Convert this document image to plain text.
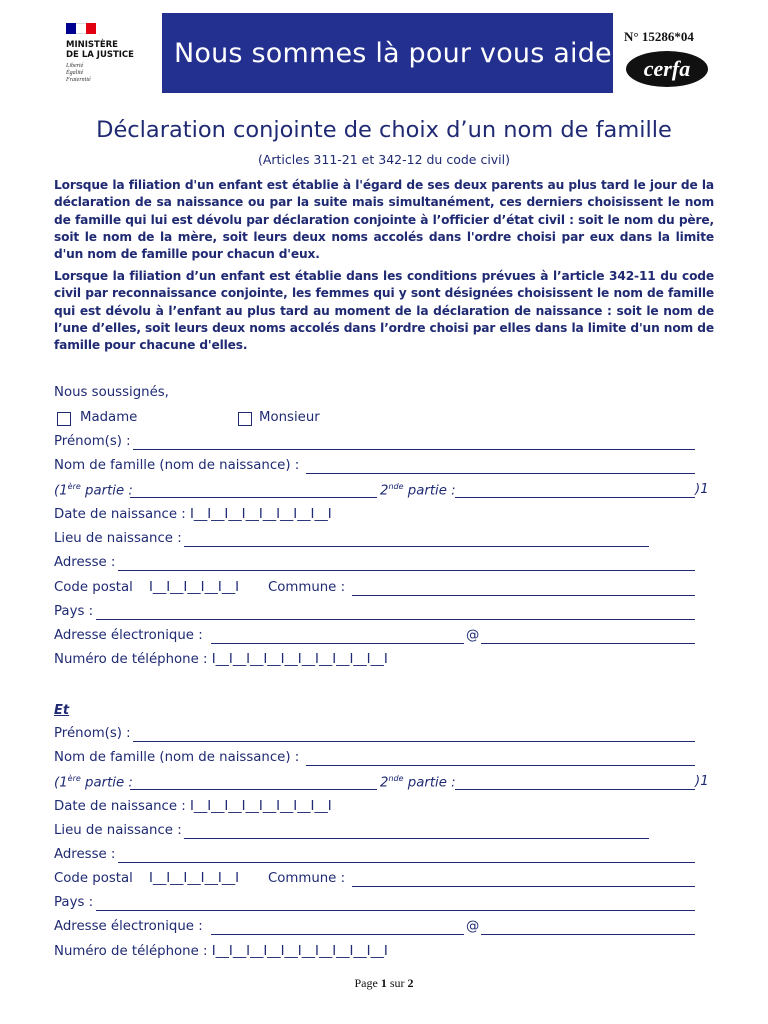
MINISTÈRE
DE LA JUSTICE
Liberté
Égalité
Fraternité
Nous sommes là pour vous aider
N° 15286*04
cerfa
Déclaration conjointe de choix d’un nom de famille
(Articles 311-21 et 342-12 du code civil)
Lorsque la filiation d'un enfant est établie à l'égard de ses deux parents au plus tard le jour de la déclaration de sa naissance ou par la suite mais simultanément, ces derniers choisissent le nom de famille qui lui est dévolu par déclaration conjointe à l’officier d’état civil : soit le nom du père, soit le nom de la mère, soit leurs deux noms accolés dans l'ordre choisi par eux dans la limite d'un nom de famille pour chacun d'eux.
Lorsque la filiation d’un enfant est établie dans les conditions prévues à l’article 342-11 du code civil par reconnaissance conjointe, les femmes qui y sont désignées choisissent le nom de famille qui est dévolu à l’enfant au plus tard au moment de la déclaration de naissance : soit le nom de l’une d’elles, soit leurs deux noms accolés dans l’ordre choisi par elles dans la limite d'un nom de famille pour chacune d'elles.
Nous soussignés,
Madame	Monsieur
Prénom(s) :
Nom de famille (nom de naissance) :
(1ère partie :	2nde partie :	)1
Date de naissance : I__I__I__I__I__I__I__I__I
Lieu de naissance :
Adresse :
Code postal I__I__I__I__I__I Commune :
Pays :
Adresse électronique :	@
Numéro de téléphone : I__I__I__I__I__I__I__I__I__I__I
Et
Prénom(s) :
Nom de famille (nom de naissance) :
(1ère partie :	2nde partie :	)1
Date de naissance : I__I__I__I__I__I__I__I__I
Lieu de naissance :
Adresse :
Code postal I__I__I__I__I__I Commune :
Pays :
Adresse électronique :	@
Numéro de téléphone : I__I__I__I__I__I__I__I__I__I__I
Page 1 sur 2
